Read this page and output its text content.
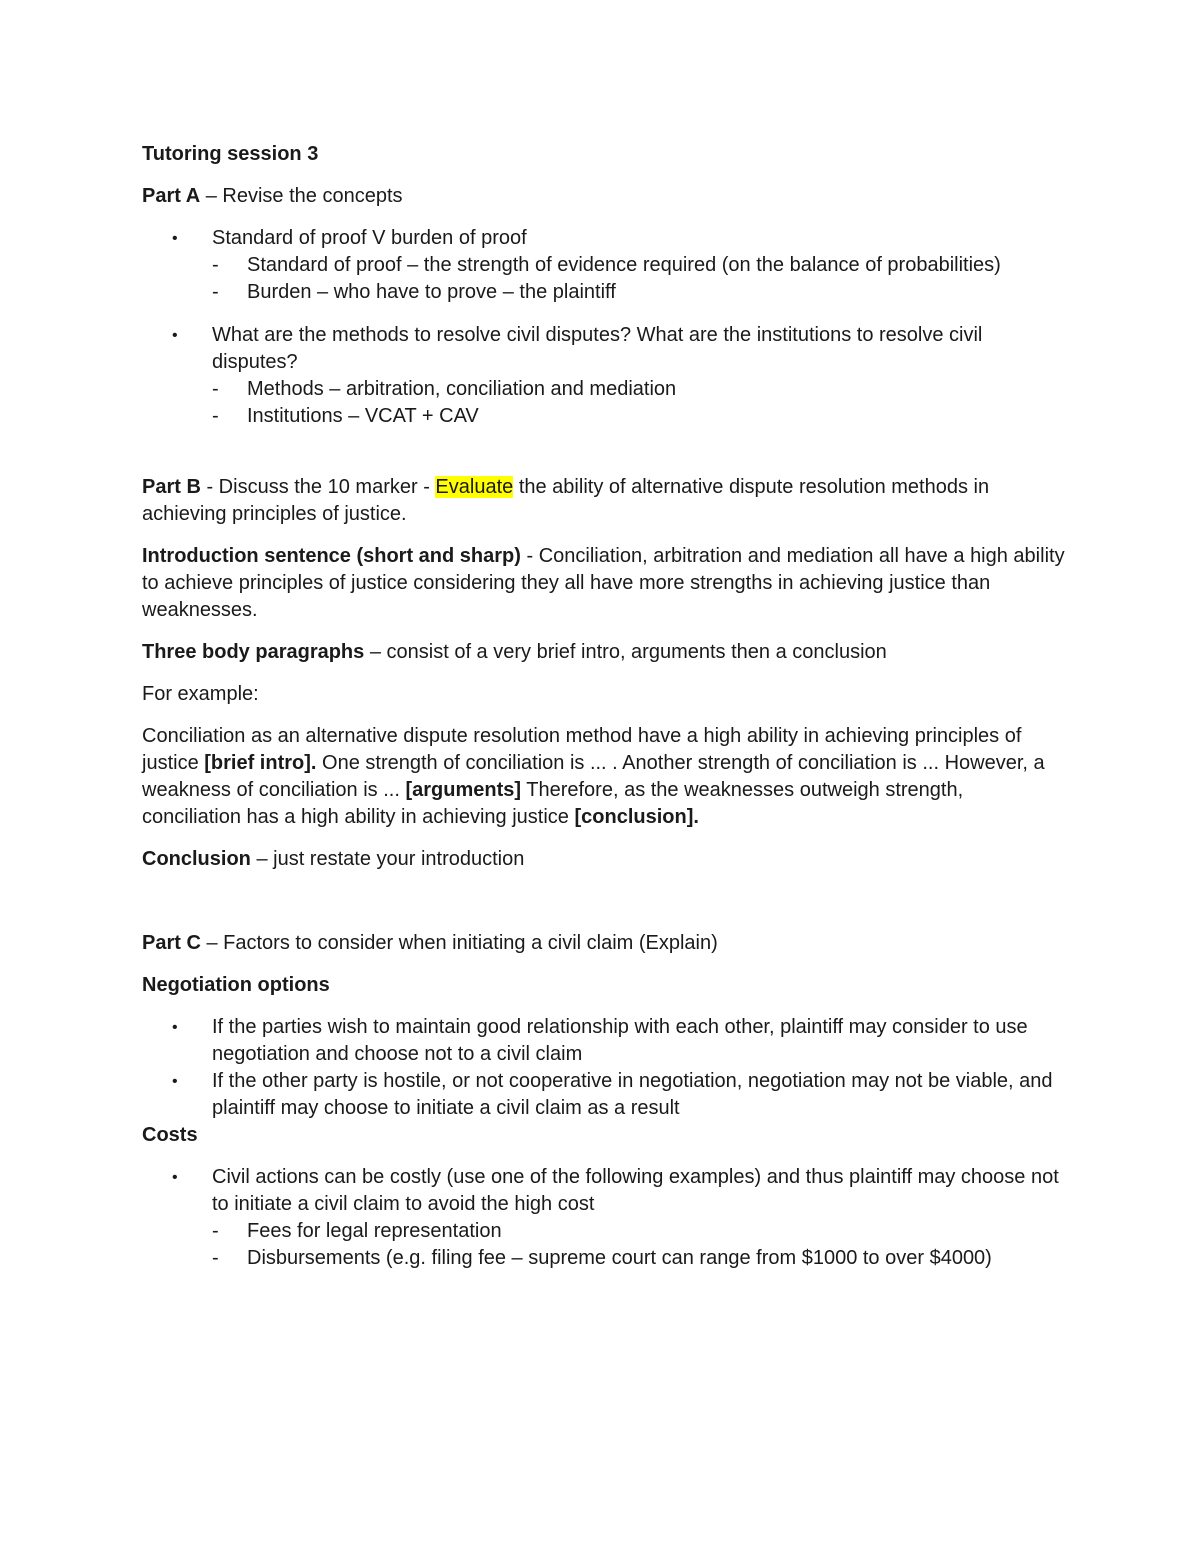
Tutoring session 3

Part A – Revise the concepts

• Standard of proof V burden of proof
- Standard of proof – the strength of evidence required (on the balance of probabilities)
- Burden – who have to prove – the plaintiff
• What are the methods to resolve civil disputes? What are the institutions to resolve civil disputes?
- Methods – arbitration, conciliation and mediation
- Institutions – VCAT + CAV

Part B - Discuss the 10 marker - Evaluate the ability of alternative dispute resolution methods in achieving principles of justice.

Introduction sentence (short and sharp) - Conciliation, arbitration and mediation all have a high ability to achieve principles of justice considering they all have more strengths in achieving justice than weaknesses.

Three body paragraphs – consist of a very brief intro, arguments then a conclusion

For example:

Conciliation as an alternative dispute resolution method have a high ability in achieving principles of justice [brief intro]. One strength of conciliation is ... . Another strength of conciliation is ... However, a weakness of conciliation is ... [arguments] Therefore, as the weaknesses outweigh strength, conciliation has a high ability in achieving justice [conclusion].

Conclusion – just restate your introduction

Part C – Factors to consider when initiating a civil claim (Explain)

Negotiation options

• If the parties wish to maintain good relationship with each other, plaintiff may consider to use negotiation and choose not to a civil claim
• If the other party is hostile, or not cooperative in negotiation, negotiation may not be viable, and plaintiff may choose to initiate a civil claim as a result

Costs

• Civil actions can be costly (use one of the following examples) and thus plaintiff may choose not to initiate a civil claim to avoid the high cost
- Fees for legal representation
- Disbursements (e.g. filing fee – supreme court can range from $1000 to over $4000)
